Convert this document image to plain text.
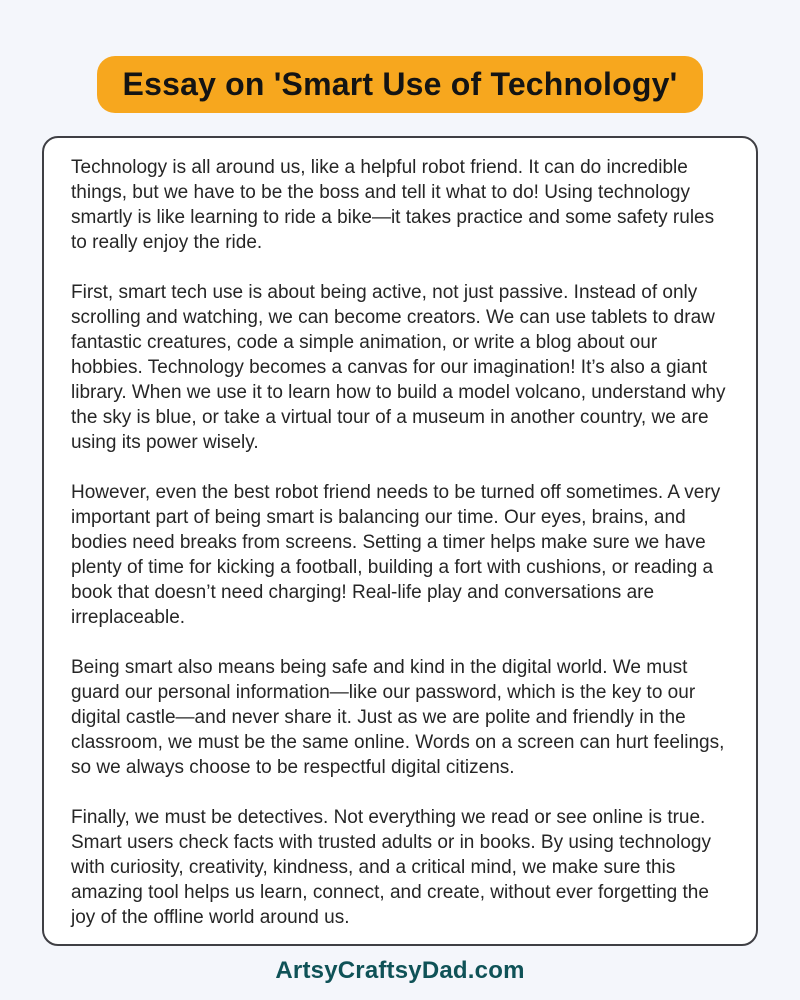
Essay on 'Smart Use of Technology'

Technology is all around us, like a helpful robot friend. It can do incredible things, but we have to be the boss and tell it what to do! Using technology smartly is like learning to ride a bike—it takes practice and some safety rules to really enjoy the ride.

First, smart tech use is about being active, not just passive. Instead of only scrolling and watching, we can become creators. We can use tablets to draw fantastic creatures, code a simple animation, or write a blog about our hobbies. Technology becomes a canvas for our imagination! It’s also a giant library. When we use it to learn how to build a model volcano, understand why the sky is blue, or take a virtual tour of a museum in another country, we are using its power wisely.

However, even the best robot friend needs to be turned off sometimes. A very important part of being smart is balancing our time. Our eyes, brains, and bodies need breaks from screens. Setting a timer helps make sure we have plenty of time for kicking a football, building a fort with cushions, or reading a book that doesn’t need charging! Real-life play and conversations are irreplaceable.

Being smart also means being safe and kind in the digital world. We must guard our personal information—like our password, which is the key to our digital castle—and never share it. Just as we are polite and friendly in the classroom, we must be the same online. Words on a screen can hurt feelings, so we always choose to be respectful digital citizens.

Finally, we must be detectives. Not everything we read or see online is true. Smart users check facts with trusted adults or in books. By using technology with curiosity, creativity, kindness, and a critical mind, we make sure this amazing tool helps us learn, connect, and create, without ever forgetting the joy of the offline world around us.

ArtsyCraftsyDad.com
